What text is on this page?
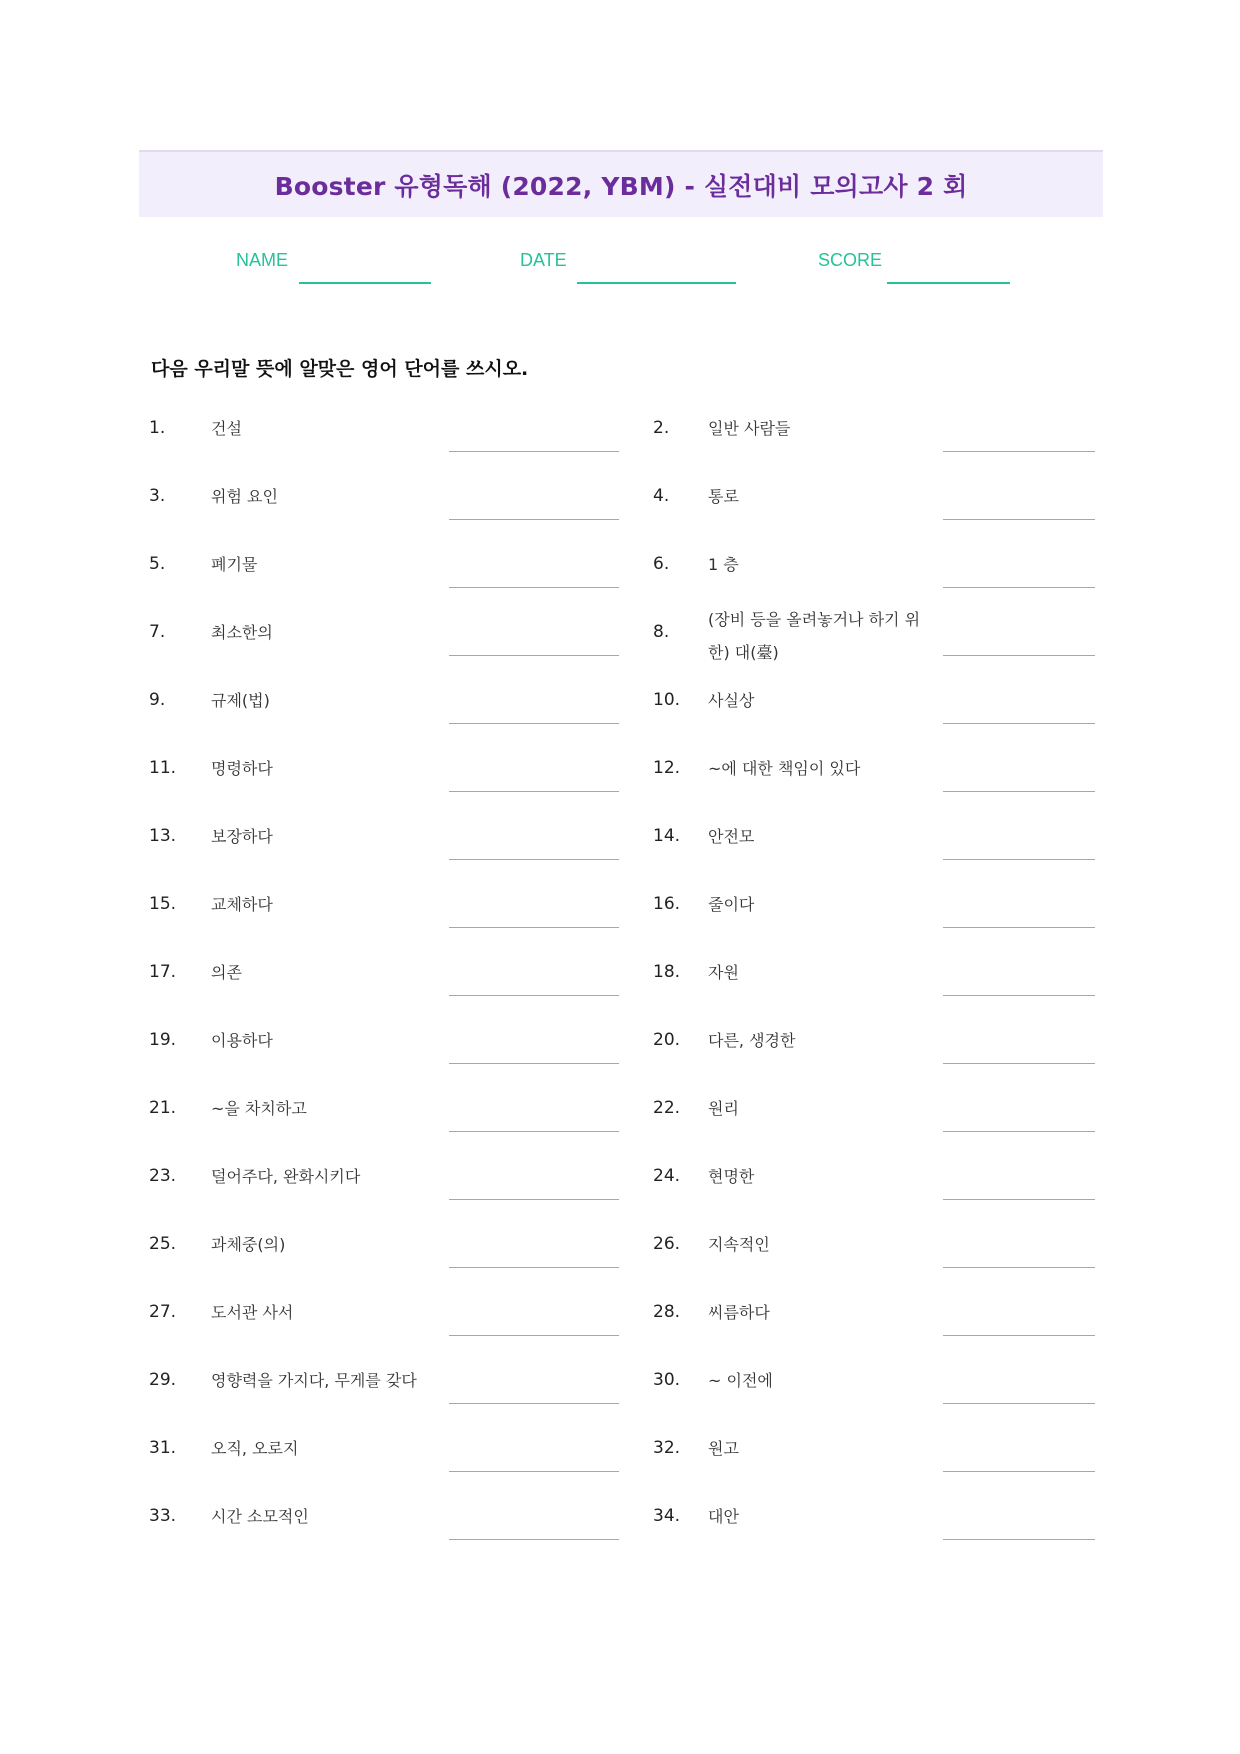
Booster 유형독해 (2022, YBM) - 실전대비 모의고사 2 회
NAME	DATE	SCORE
다음 우리말 뜻에 알맞은 영어 단어를 쓰시오.
1.	건설	2. 일반 사람들
3.	위험 요인	4. 통로
5.	폐기물	6. 1 층
7.	최소한의	8.
(장비 등을 올려놓거나 하기 위한) 대(臺)
9.	규제(법)	10. 사실상
11. 명령하다	12. ~에 대한 책임이 있다
13. 보장하다	14. 안전모
15. 교체하다	16. 줄이다
17. 의존	18. 자원
19. 이용하다	20. 다른, 생경한
21. ~을 차치하고	22. 원리
23. 덜어주다, 완화시키다	24. 현명한
25. 과체중(의)	26. 지속적인
27. 도서관 사서	28. 씨름하다
29. 영향력을 가지다, 무게를 갖다	30. ~ 이전에
31. 오직, 오로지	32. 원고
33. 시간 소모적인	34. 대안
